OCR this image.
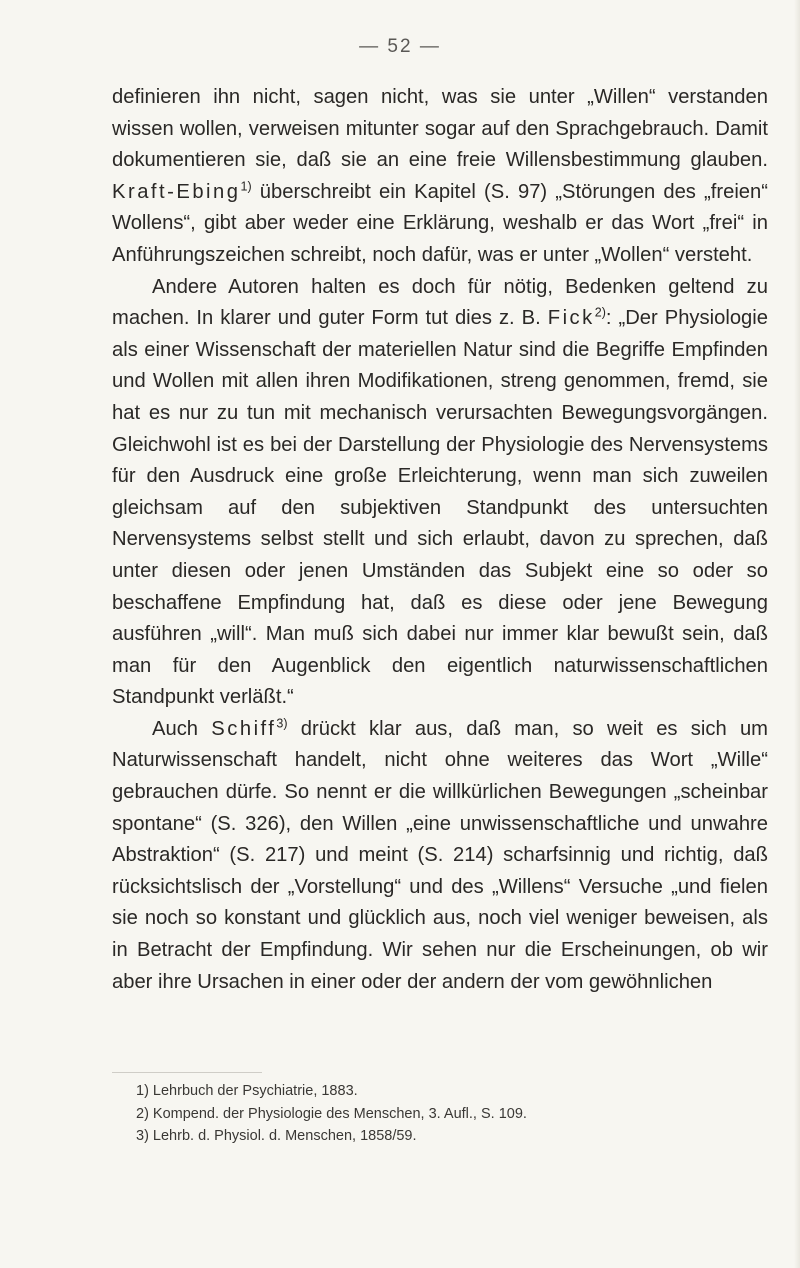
— 52 —

definieren ihn nicht, sagen nicht, was sie unter „Willen“ verstanden wissen wollen, verweisen mitunter sogar auf den Sprachgebrauch. Damit dokumentieren sie, daß sie an eine freie Willensbestimmung glauben. Kraft-Ebing$^{1)}$ überschreibt ein Kapitel (S. 97) „Störungen des „freien“ Wollens“, gibt aber weder eine Erklärung, weshalb er das Wort „frei“ in Anführungszeichen schreibt, noch dafür, was er unter „Wollen“ versteht.

Andere Autoren halten es doch für nötig, Bedenken geltend zu machen. In klarer und guter Form tut dies z. B. Fick$^{2)}$: „Der Physiologie als einer Wissenschaft der materiellen Natur sind die Begriffe Empfinden und Wollen mit allen ihren Modifikationen, streng genommen, fremd, sie hat es nur zu tun mit mechanisch verursachten Bewegungsvorgängen. Gleichwohl ist es bei der Darstellung der Physiologie des Nervensystems für den Ausdruck eine große Erleichterung, wenn man sich zuweilen gleichsam auf den subjektiven Standpunkt des untersuchten Nervensystems selbst stellt und sich erlaubt, davon zu sprechen, daß unter diesen oder jenen Umständen das Subjekt eine so oder so beschaffene Empfindung hat, daß es diese oder jene Bewegung ausführen „will“. Man muß sich dabei nur immer klar bewußt sein, daß man für den Augenblick den eigentlich naturwissenschaftlichen Standpunkt verläßt.“

Auch Schiff$^{3)}$ drückt klar aus, daß man, so weit es sich um Naturwissenschaft handelt, nicht ohne weiteres das Wort „Wille“ gebrauchen dürfe. So nennt er die willkürlichen Bewegungen „scheinbar spontane“ (S. 326), den Willen „eine unwissenschaftliche und unwahre Abstraktion“ (S. 217) und meint (S. 214) scharfsinnig und richtig, daß rücksichtslisch der „Vorstellung“ und des „Willens“ Versuche „und fielen sie noch so konstant und glücklich aus, noch viel weniger beweisen, als in Betracht der Empfindung. Wir sehen nur die Erscheinungen, ob wir aber ihre Ursachen in einer oder der andern der vom gewöhnlichen

1) Lehrbuch der Psychiatrie, 1883.

2) Kompend. der Physiologie des Menschen, 3. Aufl., S. 109.

3) Lehrb. d. Physiol. d. Menschen, 1858/59.
